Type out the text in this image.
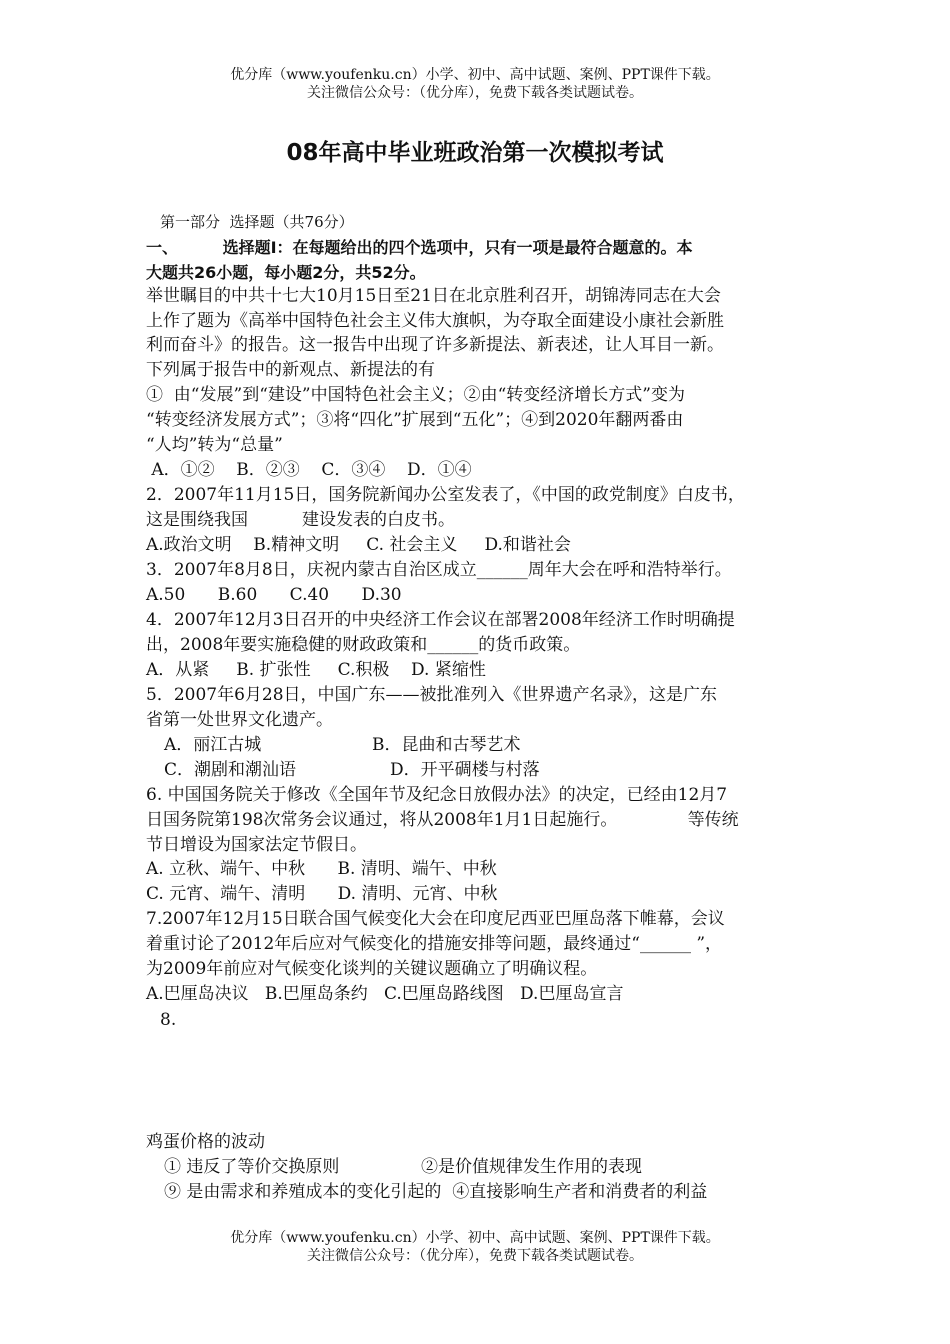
优分库（www.youfenku.cn）小学、初中、高中试题、案例、PPT课件下载。
关注微信公众号：（优分库），免费下载各类试题试卷。
08年高中毕业班政治第一次模拟考试
第一部分  选择题（共76分）
一、        选择题Ⅰ：在每题给出的四个选项中，只有一项是最符合题意的。本
大题共26小题，每小题2分，共52分。
举世瞩目的中共十七大10月15日至21日在北京胜利召开，胡锦涛同志在大会
上作了题为《高举中国特色社会主义伟大旗帜，为夺取全面建设小康社会新胜
利而奋斗》的报告。这一报告中出现了许多新提法、新表述，让人耳目一新。
下列属于报告中的新观点、新提法的有
①  由“发展”到“建设”中国特色社会主义；②由“转变经济增长方式”变为
“转变经济发展方式”；③将“四化”扩展到“五化”；④到2020年翻两番由
“人均”转为“总量”
A．①②    B．②③    C．③④    D．①④
2．2007年11月15日，国务院新闻办公室发表了，《中国的政党制度》白皮书，
这是围绕我国          建设发表的白皮书。
A.政治文明    B.精神文明     C. 社会主义     D.和谐社会
3．2007年8月8日，庆祝内蒙古自治区成立______周年大会在呼和浩特举行。
A.50      B.60      C.40      D.30
4．2007年12月3日召开的中央经济工作会议在部署2008年经济工作时明确提
出，2008年要实施稳健的财政政策和______的货币政策。
A．从紧     B. 扩张性     C.积极    D. 紧缩性
5．2007年6月28日，中国广东——被批准列入《世界遗产名录》，这是广东
省第一处世界文化遗产。
A．丽江古城	B．昆曲和古琴艺术
C．潮剧和潮汕语	D．开平碉楼与村落
6. 中国国务院关于修改《全国年节及纪念日放假办法》的决定，已经由12月7
日国务院第198次常务会议通过，将从2008年1月1日起施行。             等传统
节日增设为国家法定节假日。
A. 立秋、端午、中秋      B. 清明、端午、中秋
C. 元宵、端午、清明      D. 清明、元宵、中秋
7.2007年12月15日联合国气候变化大会在印度尼西亚巴厘岛落下帷幕，会议
着重讨论了2012年后应对气候变化的措施安排等问题，最终通过“______ ”，
为2009年前应对气候变化谈判的关键议题确立了明确议程。
A.巴厘岛决议   B.巴厘岛条约   C.巴厘岛路线图   D.巴厘岛宣言
8.
鸡蛋价格的波动
① 违反了等价交换原则	②是价值规律发生作用的表现
⑨ 是由需求和养殖成本的变化引起的  ④直接影响生产者和消费者的利益
优分库（www.youfenku.cn）小学、初中、高中试题、案例、PPT课件下载。
关注微信公众号：（优分库），免费下载各类试题试卷。
